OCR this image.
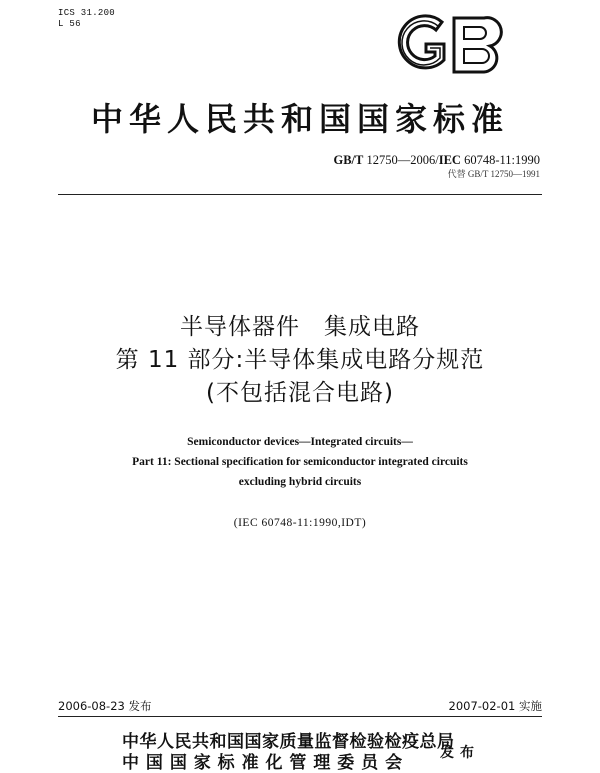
ICS 31.200
L 56
中华人民共和国国家标准
GB/T 12750—2006/IEC 60748-11:1990
代替 GB/T 12750—1991
半导体器件　集成电路
第 11 部分:半导体集成电路分规范
(不包括混合电路)
Semiconductor devices—Integrated circuits—
Part 11: Sectional specification for semiconductor integrated circuits
excluding hybrid circuits
(IEC 60748-11:1990,IDT)
2006-08-23 发布	2007-02-01 实施
中华人民共和国国家质量监督检验检疫总局
中 国 国 家 标 准 化 管 理 委 员 会	发布
